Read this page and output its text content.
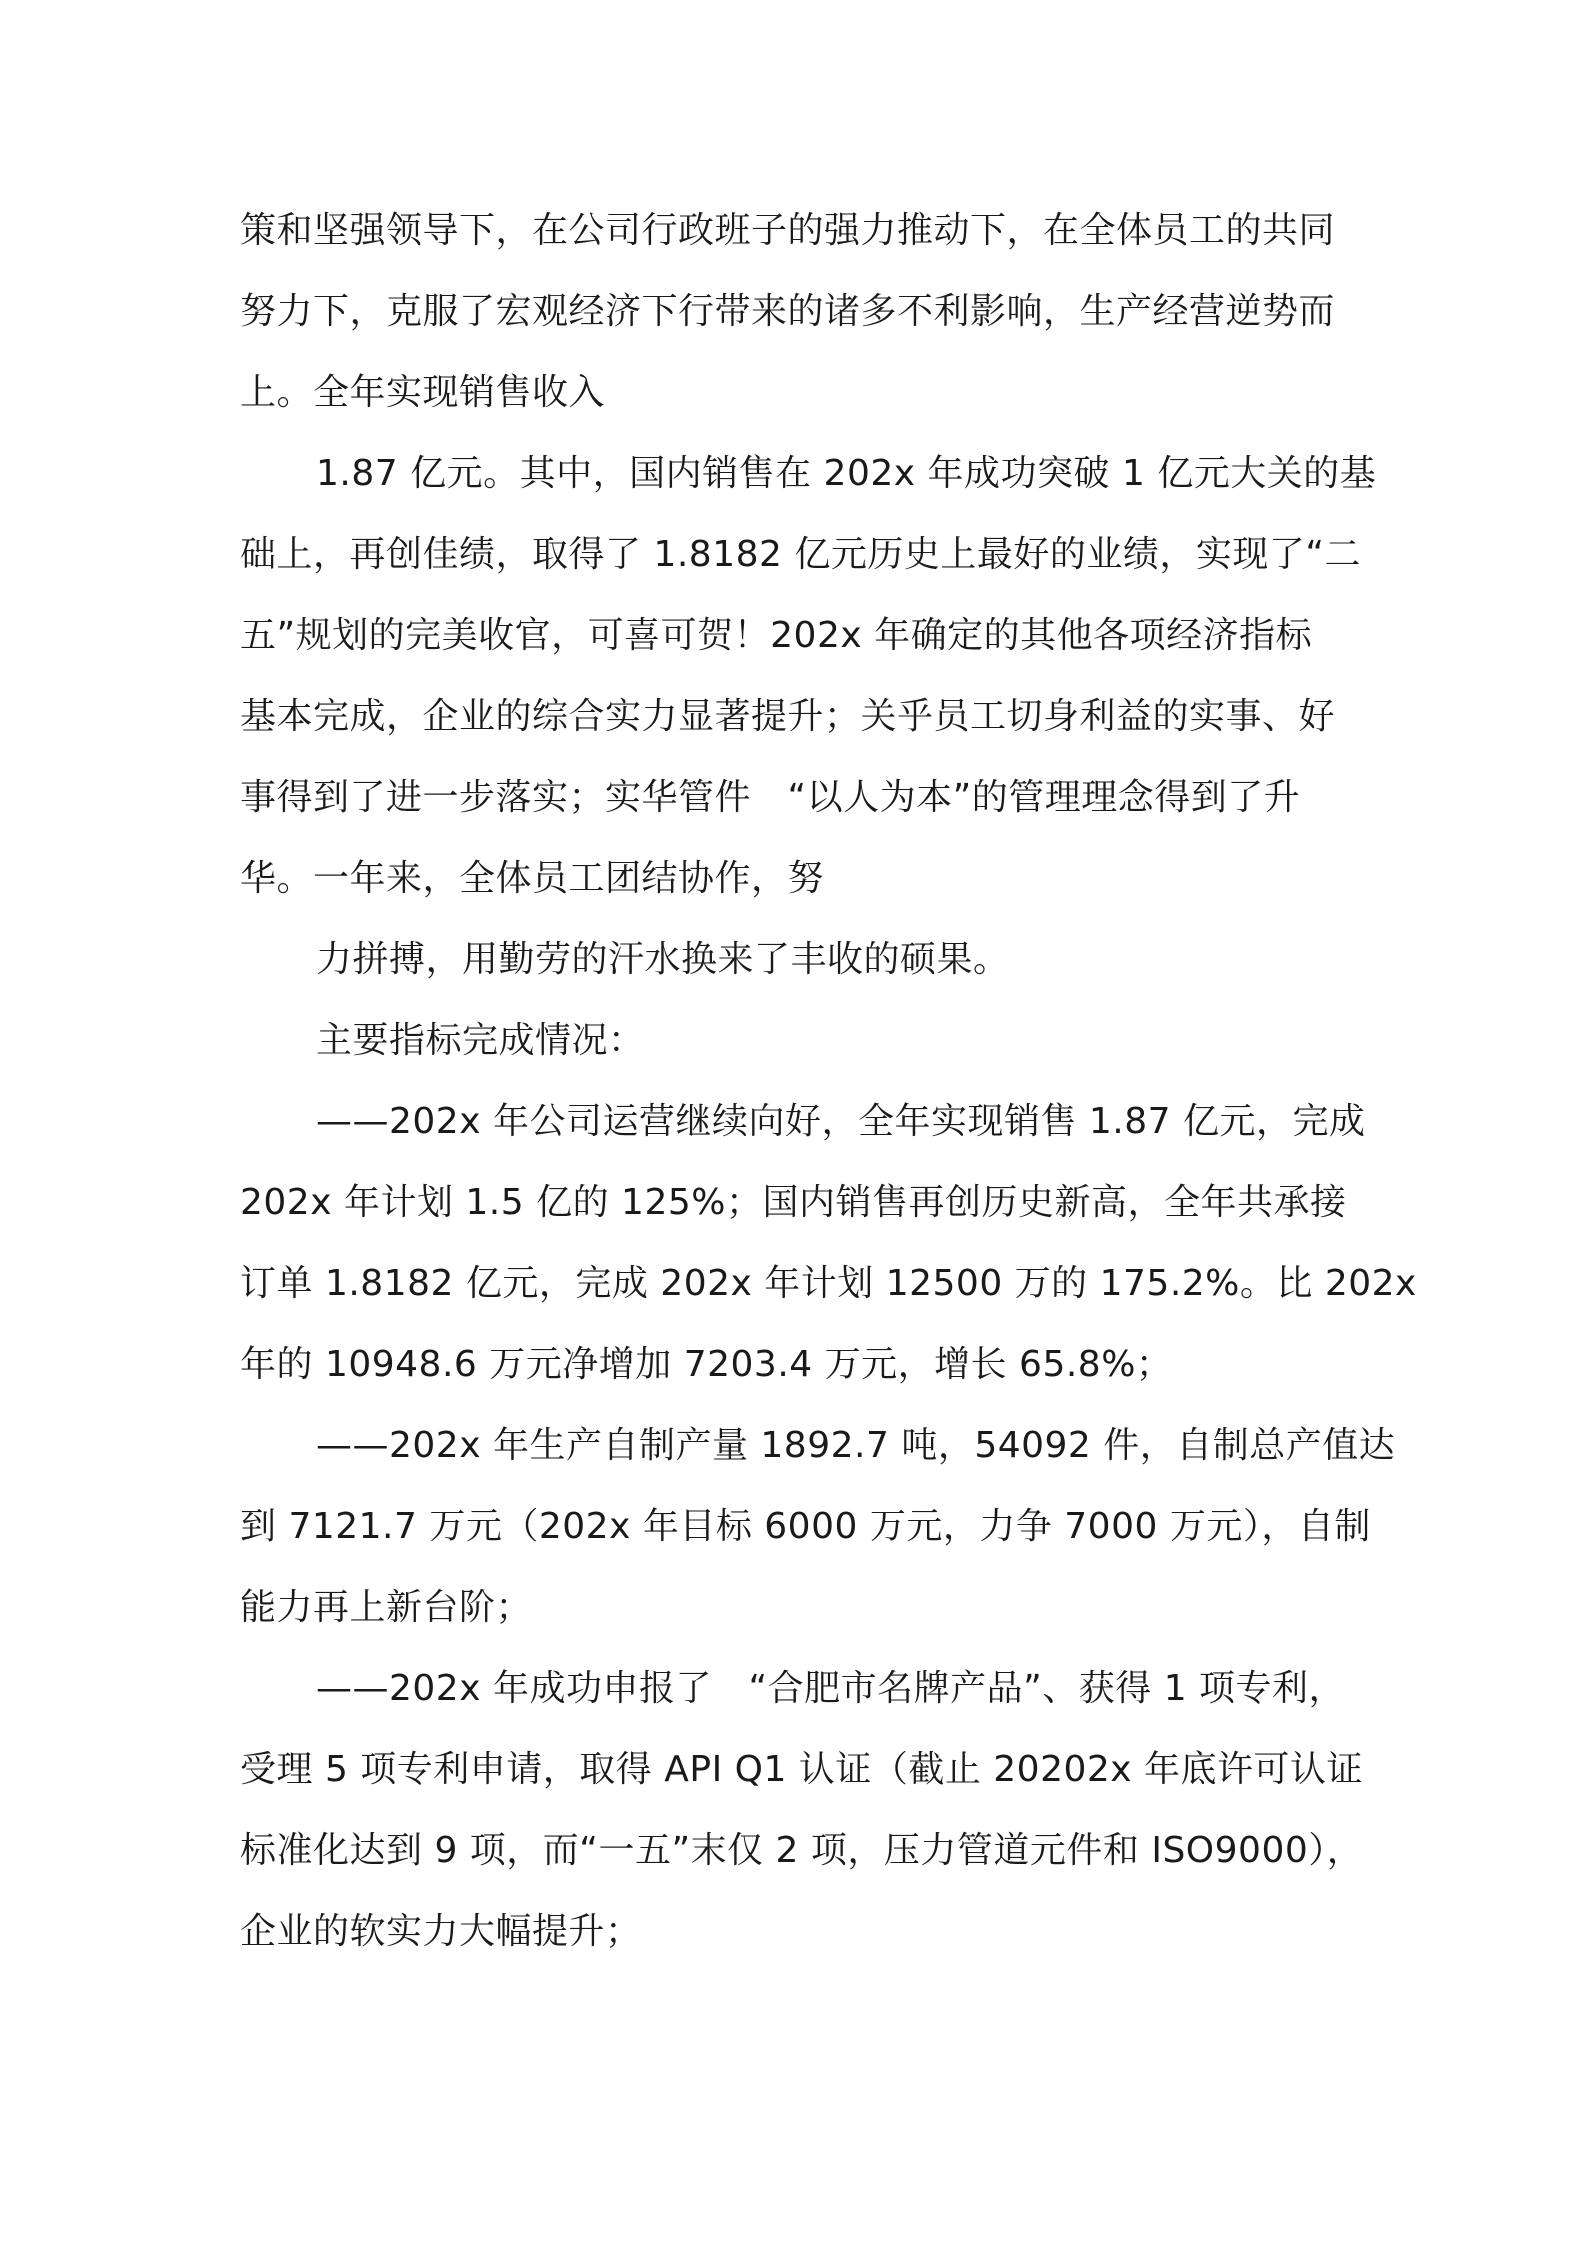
策和坚强领导下，在公司行政班子的强力推动下，在全体员工的共同
努力下，克服了宏观经济下行带来的诸多不利影响，生产经营逆势而
上。全年实现销售收入
1.87 亿元。其中，国内销售在 202x 年成功突破 1 亿元大关的基
础上，再创佳绩，取得了 1.8182 亿元历史上最好的业绩，实现了“二
五”规划的完美收官，可喜可贺！202x 年确定的其他各项经济指标
基本完成，企业的综合实力显著提升；关乎员工切身利益的实事、好
事得到了进一步落实；实华管件　“以人为本”的管理理念得到了升
华。一年来，全体员工团结协作，努
力拼搏，用勤劳的汗水换来了丰收的硕果。
主要指标完成情况：
——202x 年公司运营继续向好，全年实现销售 1.87 亿元，完成
202x 年计划 1.5 亿的 125%；国内销售再创历史新高，全年共承接
订单 1.8182 亿元，完成 202x 年计划 12500 万的 175.2%。比 202x
年的 10948.6 万元净增加 7203.4 万元，增长 65.8%；
——202x 年生产自制产量 1892.7 吨，54092 件，自制总产值达
到 7121.7 万元（202x 年目标 6000 万元，力争 7000 万元），自制
能力再上新台阶；
——202x 年成功申报了　“合肥市名牌产品”、获得 1 项专利，
受理 5 项专利申请，取得 API Q1 认证（截止 20202x 年底许可认证
标准化达到 9 项，而“一五”末仅 2 项，压力管道元件和 ISO9000），
企业的软实力大幅提升；
